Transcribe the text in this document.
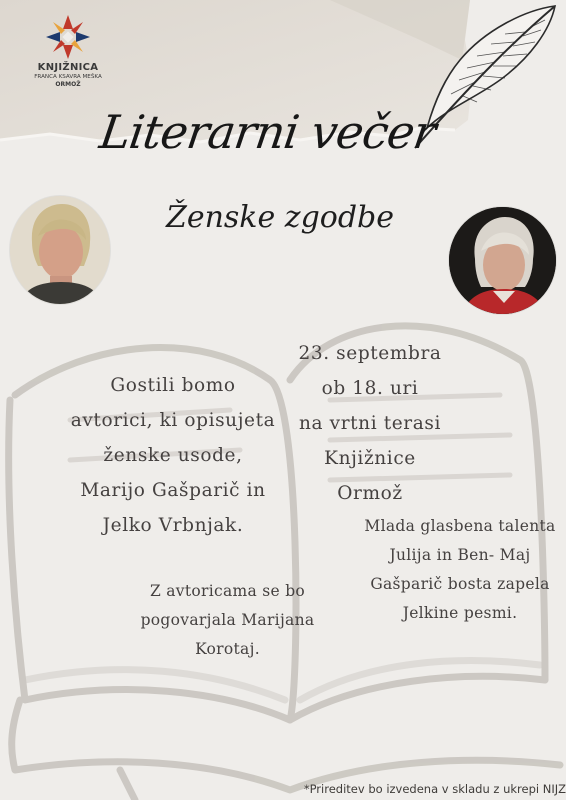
KNJIŽNICA
FRANCA KSAVRA MEŠKA
ORMOŽ
Literarni večer
Ženske zgodbe
Gostili bomo
avtorici, ki opisujeta
ženske usode,
Marijo Gašparič in
Jelko Vrbnjak.
23. septembra
ob 18. uri
na vrtni terasi
Knjižnice
Ormož
Mlada glasbena talenta
Julija in Ben- Maj
Gašparič bosta zapela
Jelkine pesmi.
Z avtoricama se bo
pogovarjala Marijana
Korotaj.
*Prireditev bo izvedena v skladu z ukrepi NIJZ
